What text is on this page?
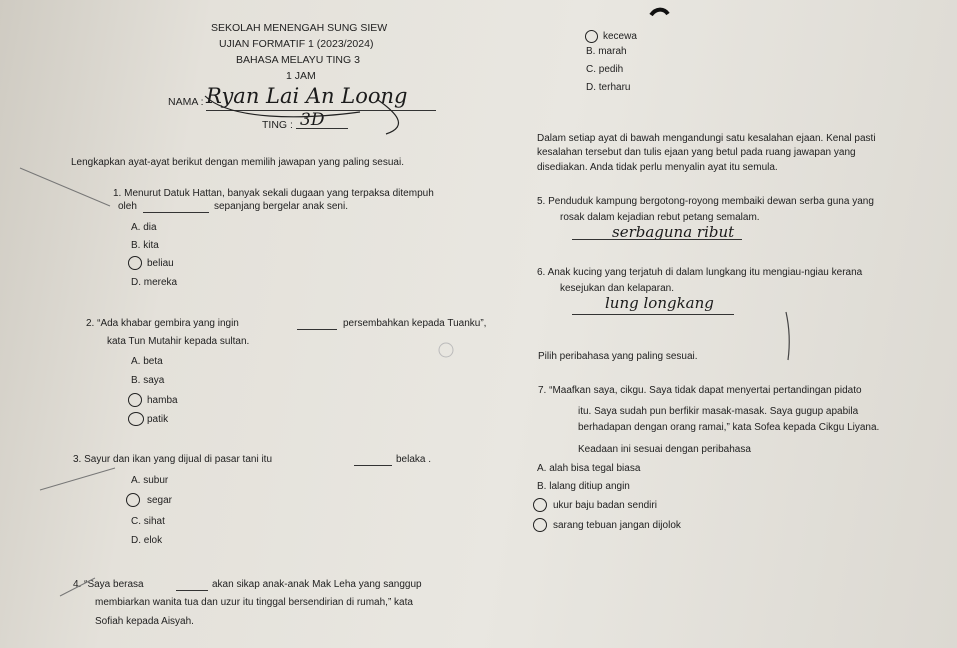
SEKOLAH MENENGAH SUNG SIEW
UJIAN FORMATIF 1 (2023/2024)
BAHASA MELAYU TING 3
1 JAM
NAMA : Ryan Lai An Loong
TING : 3D
Lengkapkan ayat-ayat berikut dengan memilih jawapan yang paling sesuai.
1. Menurut Datuk Hattan, banyak sekali dugaan yang terpaksa ditempuh
oleh	sepanjang bergelar anak seni.
A. dia
B. kita
beliau
D. mereka
2. “Ada khabar gembira yang ingin	persembahkan kepada Tuanku”,
kata Tun Mutahir kepada sultan.
A. beta
B. saya
hamba
patik
3. Sayur dan ikan yang dijual di pasar tani itu	belaka .
A. subur
segar
C. sihat
D. elok
4. “Saya berasa	akan sikap anak-anak Mak Leha yang sanggup
membiarkan wanita tua dan uzur itu tinggal bersendirian di rumah,” kata
Sofiah kepada Aisyah.
kecewa
B. marah
C. pedih
D. terharu
Dalam setiap ayat di bawah mengandungi satu kesalahan ejaan. Kenal pasti
kesalahan tersebut dan tulis ejaan yang betul pada ruang jawapan yang
disediakan. Anda tidak perlu menyalin ayat itu semula.
5. Penduduk kampung bergotong-royong membaiki dewan serba guna yang
rosak dalam kejadian rebut petang semalam.
serbaguna ribut
6. Anak kucing yang terjatuh di dalam lungkang itu mengiau-ngiau kerana
kesejukan dan kelaparan.
lung longkang
Pilih peribahasa yang paling sesuai.
7. “Maafkan saya, cikgu. Saya tidak dapat menyertai pertandingan pidato
itu. Saya sudah pun berfikir masak-masak. Saya gugup apabila
berhadapan dengan orang ramai,” kata Sofea kepada Cikgu Liyana.
Keadaan ini sesuai dengan peribahasa
A. alah bisa tegal biasa
B. lalang ditiup angin
ukur baju badan sendiri
sarang tebuan jangan dijolok
